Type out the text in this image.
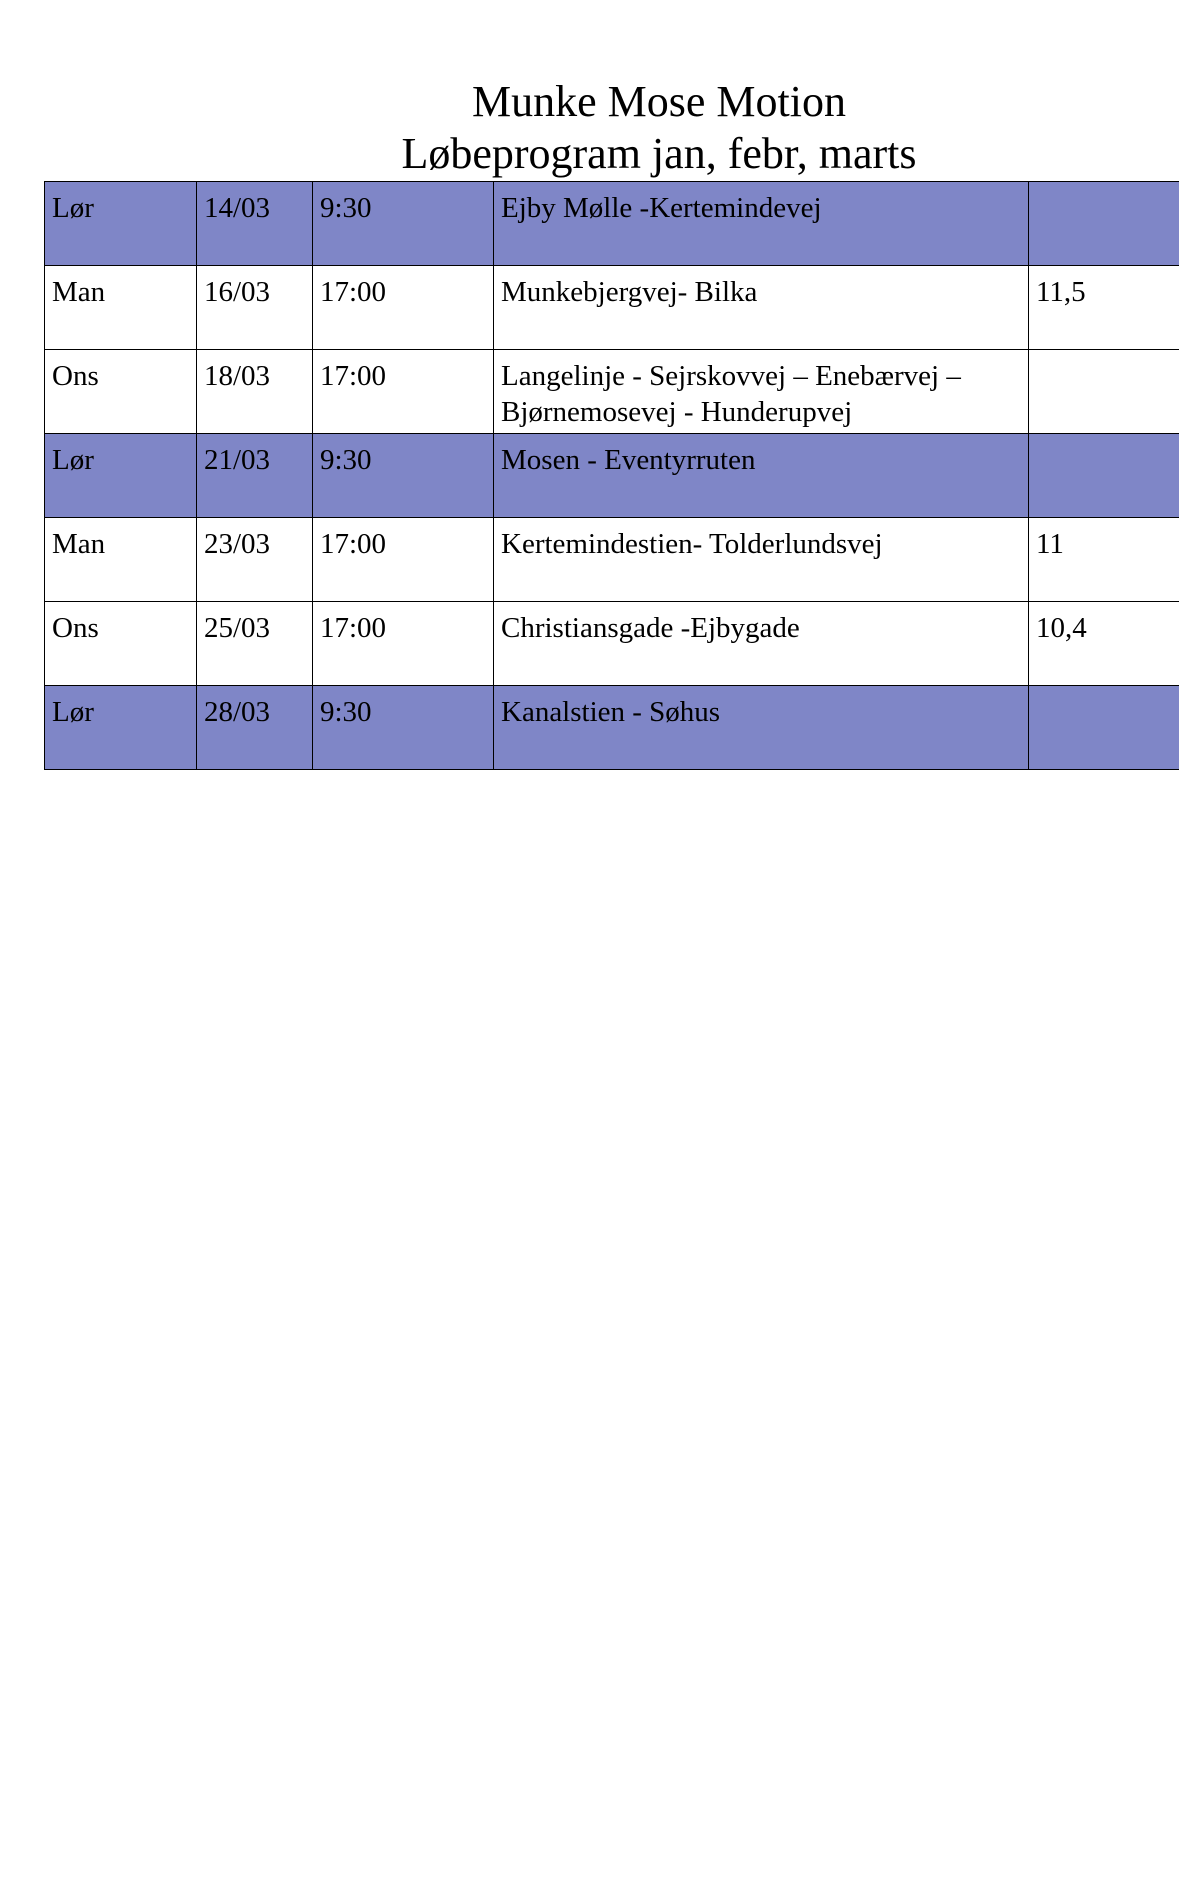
Munke Mose Motion
Løbeprogram jan, febr, marts
Lør	14/03	9:30	Ejby Mølle -Kertemindevej	
Man	16/03	17:00	Munkebjergvej- Bilka	11,5
Ons	18/03	17:00	Langelinje - Sejrskovvej – Enebærvej – Bjørnemosevej - Hunderupvej	
Lør	21/03	9:30	Mosen - Eventyrruten	
Man	23/03	17:00	Kertemindestien- Tolderlundsvej	11
Ons	25/03	17:00	Christiansgade -Ejbygade	10,4
Lør	28/03	9:30	Kanalstien - Søhus	
